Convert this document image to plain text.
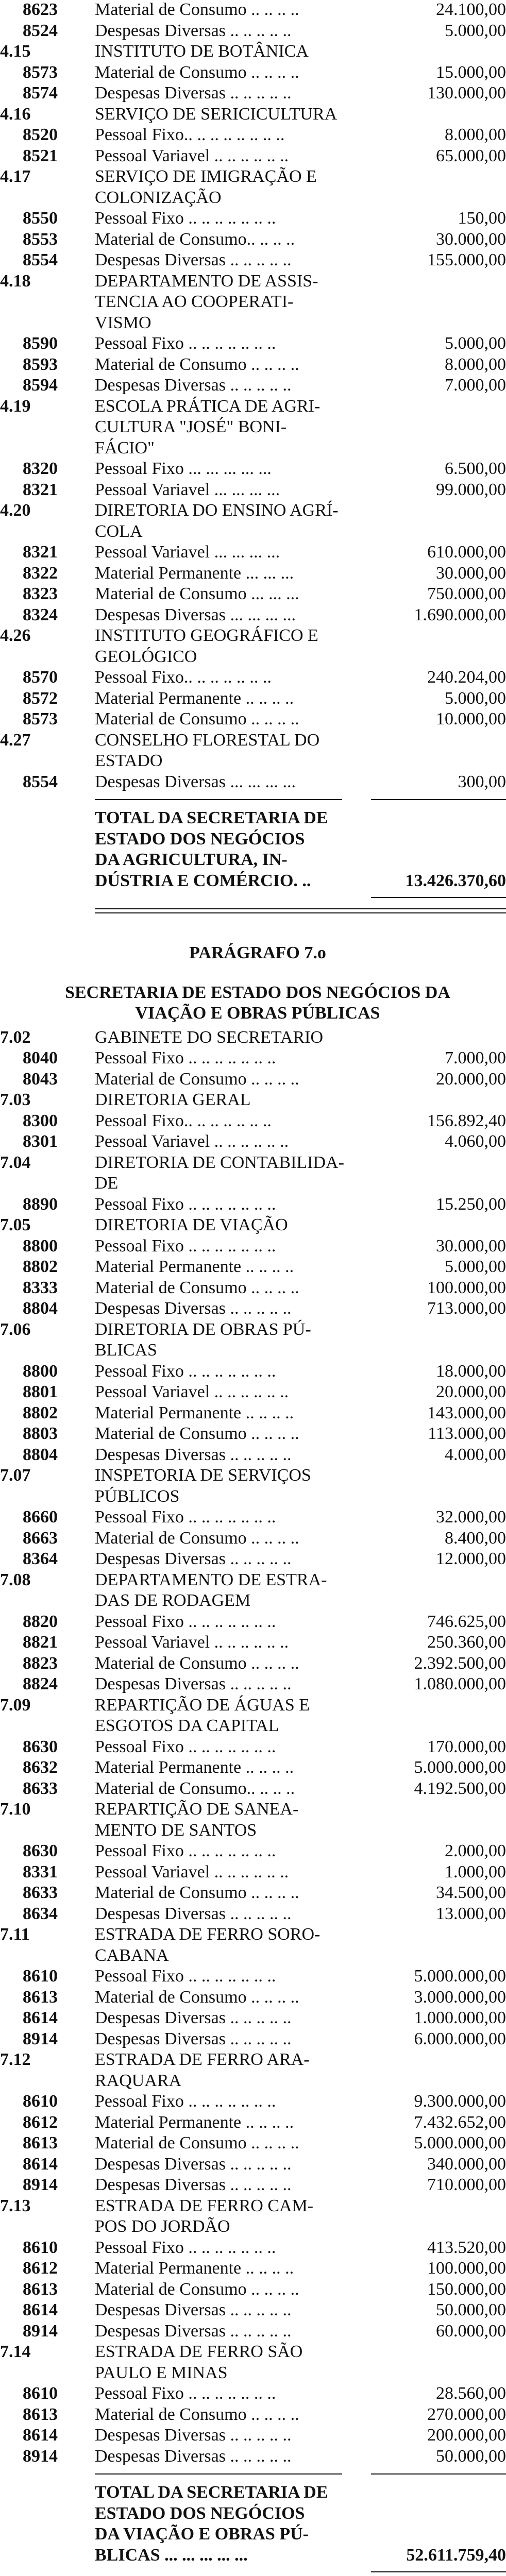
8623 Material de Consumo .. .. .. ..	24.100,00
8524 Despesas Diversas .. .. .. .. ..	5.000,00
4.15	INSTITUTO DE BOTÂNICA
8573 Material de Consumo .. .. .. ..	15.000,00
8574 Despesas Diversas .. .. .. .. ..	130.000,00
4.16	SERVIÇO DE SERICICULTURA
8520 Pessoal Fixo.. .. .. .. .. .. .. ..	8.000,00
8521 Pessoal Variavel .. .. .. .. .. ..	65.000,00
4.17	SERVIÇO DE IMIGRAÇÃO E
COLONIZAÇÃO
8550 Pessoal Fixo .. .. .. .. .. .. ..	150,00
8553 Material de Consumo.. .. .. ..	30.000,00
8554 Despesas Diversas .. .. .. .. ..	155.000,00
4.18	DEPARTAMENTO DE ASSIS-
TENCIA AO COOPERATI-
VISMO
8590 Pessoal Fixo .. .. .. .. .. .. ..	5.000,00
8593 Material de Consumo .. .. .. ..	8.000,00
8594 Despesas Diversas .. .. .. .. ..	7.000,00
4.19	ESCOLA PRÁTICA DE AGRI-
CULTURA "JOSÉ" BONI-
FÁCIO"
8320 Pessoal Fixo ... ... ... ... ...	6.500,00
8321 Pessoal Variavel ... ... ... ...	99.000,00
4.20	DIRETORIA DO ENSINO AGRÍ-
COLA
8321 Pessoal Variavel ... ... ... ...	610.000,00
8322 Material Permanente ... ... ...	30.000,00
8323 Material de Consumo ... ... ...	750.000,00
8324 Despesas Diversas ... ... ... ...	1.690.000,00
4.26	INSTITUTO GEOGRÁFICO E
GEOLÓGICO
8570 Pessoal Fixo.. .. .. .. .. .. ..	240.204,00
8572 Material Permanente .. .. .. ..	5.000,00
8573 Material de Consumo .. .. .. ..	10.000,00
4.27	CONSELHO FLORESTAL DO
ESTADO
8554 Despesas Diversas ... ... ... ...	300,00
TOTAL DA SECRETARIA DE
ESTADO DOS NEGÓCIOS
DA AGRICULTURA, IN-
DÚSTRIA E COMÉRCIO. ..	13.426.370,60
PARÁGRAFO 7.o
SECRETARIA DE ESTADO DOS NEGÓCIOS DA
VIAÇÃO E OBRAS PÚBLICAS
7.02	GABINETE DO SECRETARIO
8040 Pessoal Fixo .. .. .. .. .. .. ..	7.000,00
8043 Material de Consumo .. .. .. ..	20.000,00
7.03	DIRETORIA GERAL
8300 Pessoal Fixo.. .. .. .. .. .. ..	156.892,40
8301 Pessoal Variavel .. .. .. .. .. ..	4.060,00
7.04	DIRETORIA DE CONTABILIDA-
DE
8890 Pessoal Fixo .. .. .. .. .. .. ..	15.250,00
7.05	DIRETORIA DE VIAÇÃO
8800 Pessoal Fixo .. .. .. .. .. .. ..	30.000,00
8802 Material Permanente .. .. .. ..	5.000,00
8333 Material de Consumo .. .. .. ..	100.000,00
8804 Despesas Diversas .. .. .. .. ..	713.000,00
7.06	DIRETORIA DE OBRAS PÚ-
BLICAS
8800 Pessoal Fixo .. .. .. .. .. .. ..	18.000,00
8801 Pessoal Variavel .. .. .. .. .. ..	20.000,00
8802 Material Permanente .. .. .. ..	143.000,00
8803 Material de Consumo .. .. .. ..	113.000,00
8804 Despesas Diversas .. .. .. .. ..	4.000,00
7.07	INSPETORIA DE SERVIÇOS
PÚBLICOS
8660 Pessoal Fixo .. .. .. .. .. .. ..	32.000,00
8663 Material de Consumo .. .. .. ..	8.400,00
8364 Despesas Diversas .. .. .. .. ..	12.000,00
7.08	DEPARTAMENTO DE ESTRA-
DAS DE RODAGEM
8820 Pessoal Fixo .. .. .. .. .. .. ..	746.625,00
8821 Pessoal Variavel .. .. .. .. .. ..	250.360,00
8823 Material de Consumo .. .. .. ..	2.392.500,00
8824 Despesas Diversas .. .. .. .. ..	1.080.000,00
7.09	REPARTIÇÃO DE ÁGUAS E
ESGOTOS DA CAPITAL
8630 Pessoal Fixo .. .. .. .. .. .. ..	170.000,00
8632 Material Permanente .. .. .. ..	5.000.000,00
8633 Material de Consumo.. .. .. ..	4.192.500,00
7.10	REPARTIÇÃO DE SANEA-
MENTO DE SANTOS
8630 Pessoal Fixo .. .. .. .. .. .. ..	2.000,00
8331 Pessoal Variavel .. .. .. .. .. ..	1.000,00
8633 Material de Consumo .. .. .. ..	34.500,00
8634 Despesas Diversas .. .. .. .. ..	13.000,00
7.11	ESTRADA DE FERRO SORO-
CABANA
8610 Pessoal Fixo .. .. .. .. .. .. ..	5.000.000,00
8613 Material de Consumo .. .. .. ..	3.000.000,00
8614 Despesas Diversas .. .. .. .. ..	1.000.000,00
8914 Despesas Diversas .. .. .. .. ..	6.000.000,00
7.12	ESTRADA DE FERRO ARA-
RAQUARA
8610 Pessoal Fixo .. .. .. .. .. .. ..	9.300.000,00
8612 Material Permanente .. .. .. ..	7.432.652,00
8613 Material de Consumo .. .. .. ..	5.000.000,00
8614 Despesas Diversas .. .. .. .. ..	340.000,00
8914 Despesas Diversas .. .. .. .. ..	710.000,00
7.13	ESTRADA DE FERRO CAM-
POS DO JORDÃO
8610 Pessoal Fixo .. .. .. .. .. .. ..	413.520,00
8612 Material Permanente .. .. .. ..	100.000,00
8613 Material de Consumo .. .. .. ..	150.000,00
8614 Despesas Diversas .. .. .. .. ..	50.000,00
8914 Despesas Diversas .. .. .. .. ..	60.000,00
7.14	ESTRADA DE FERRO SÃO
PAULO E MINAS
8610 Pessoal Fixo .. .. .. .. .. .. ..	28.560,00
8613 Material de Consumo .. .. .. ..	270.000,00
8614 Despesas Diversas .. .. .. .. ..	200.000,00
8914 Despesas Diversas .. .. .. .. ..	50.000,00
TOTAL DA SECRETARIA DE
ESTADO DOS NEGÓCIOS
DA VIAÇÃO E OBRAS PÚ-
BLICAS ... ... ... ... ...	52.611.759,40
